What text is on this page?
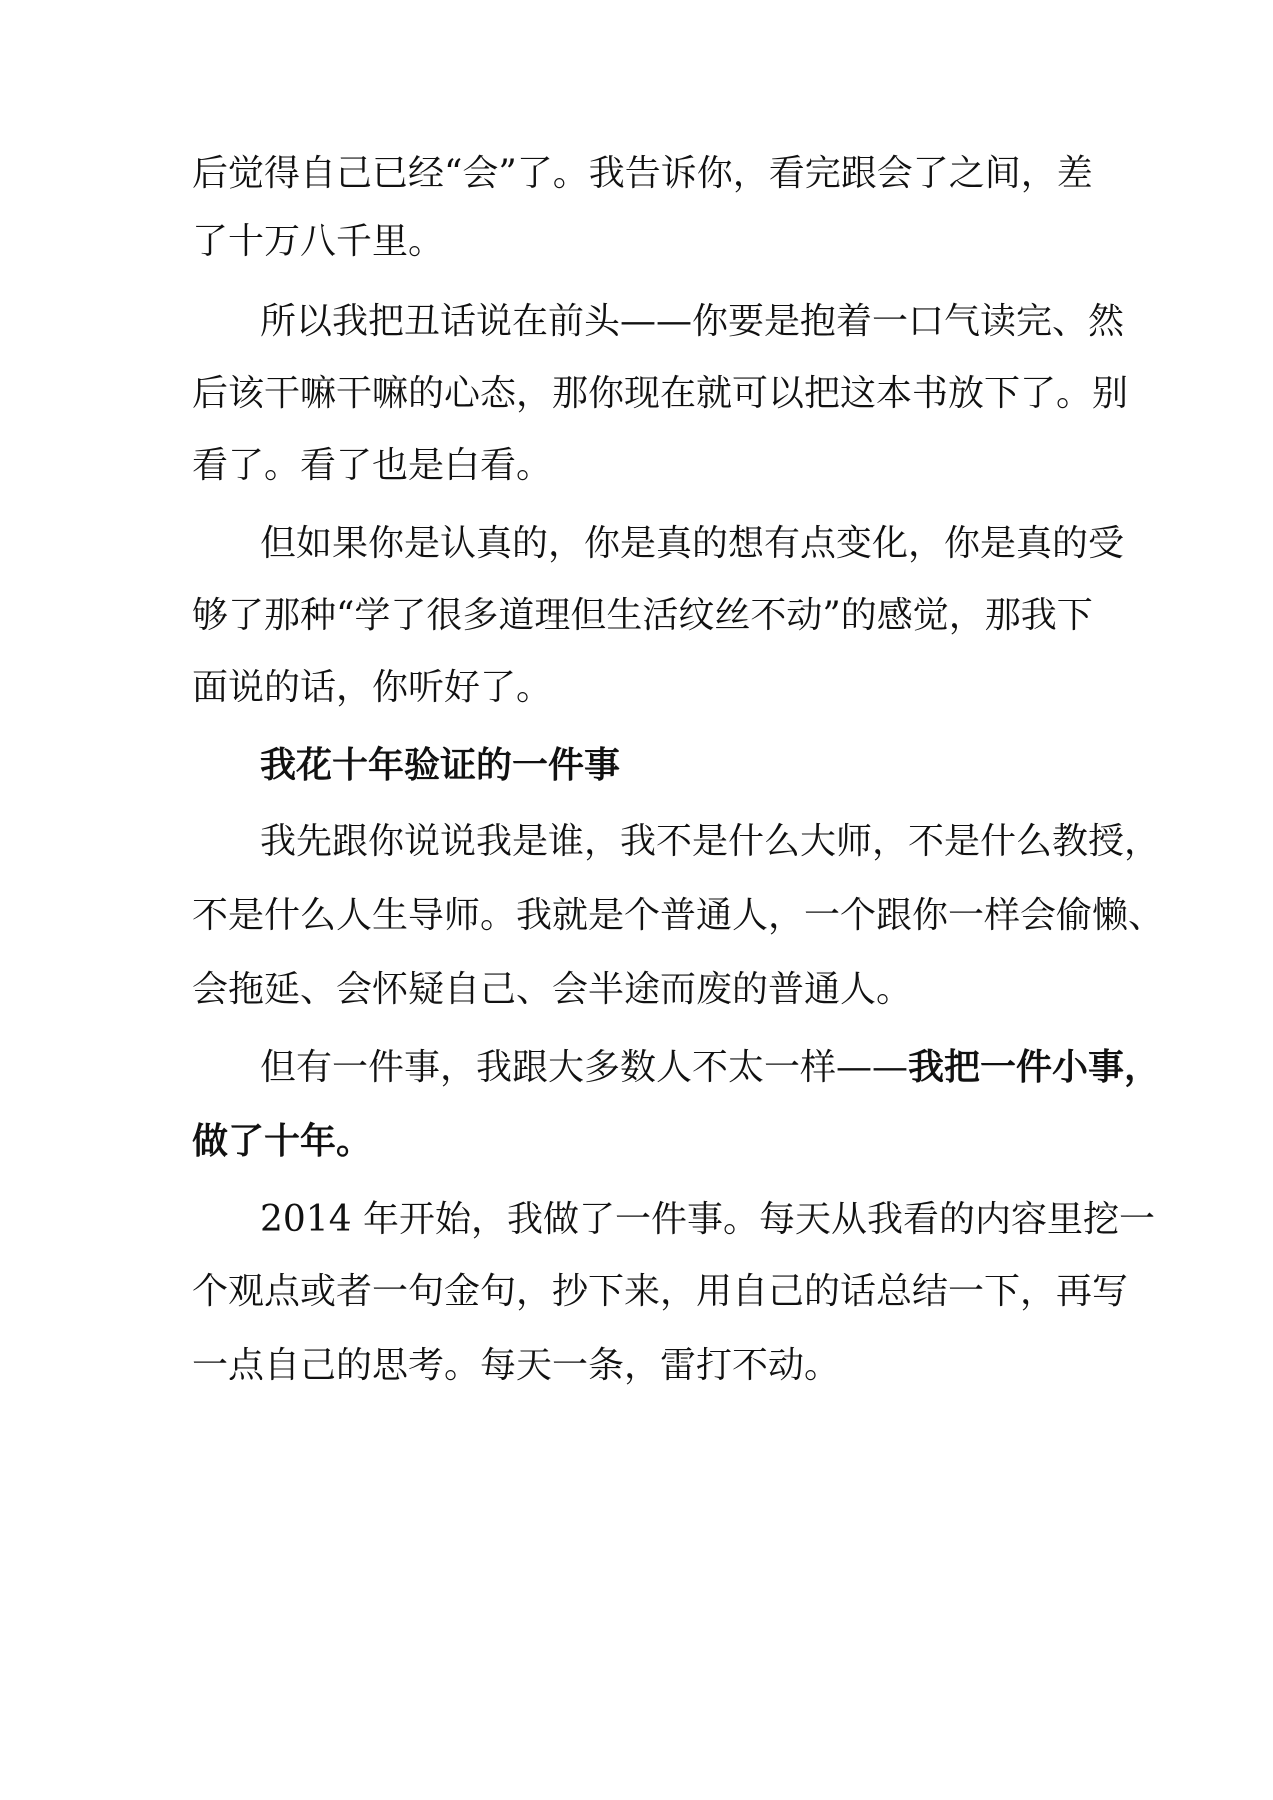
后觉得自己已经“会”了。我告诉你，看完跟会了之间，差
了十万八千里。
所以我把丑话说在前头——你要是抱着一口气读完、然
后该干嘛干嘛的心态，那你现在就可以把这本书放下了。别
看了。看了也是白看。
但如果你是认真的，你是真的想有点变化，你是真的受
够了那种“学了很多道理但生活纹丝不动”的感觉，那我下
面说的话，你听好了。
我花十年验证的一件事
我先跟你说说我是谁，我不是什么大师，不是什么教授，
不是什么人生导师。我就是个普通人，一个跟你一样会偷懒、
会拖延、会怀疑自己、会半途而废的普通人。
但有一件事，我跟大多数人不太一样——我把一件小事，
做了十年。
2014 年开始，我做了一件事。每天从我看的内容里挖一
个观点或者一句金句，抄下来，用自己的话总结一下，再写
一点自己的思考。每天一条，雷打不动。
